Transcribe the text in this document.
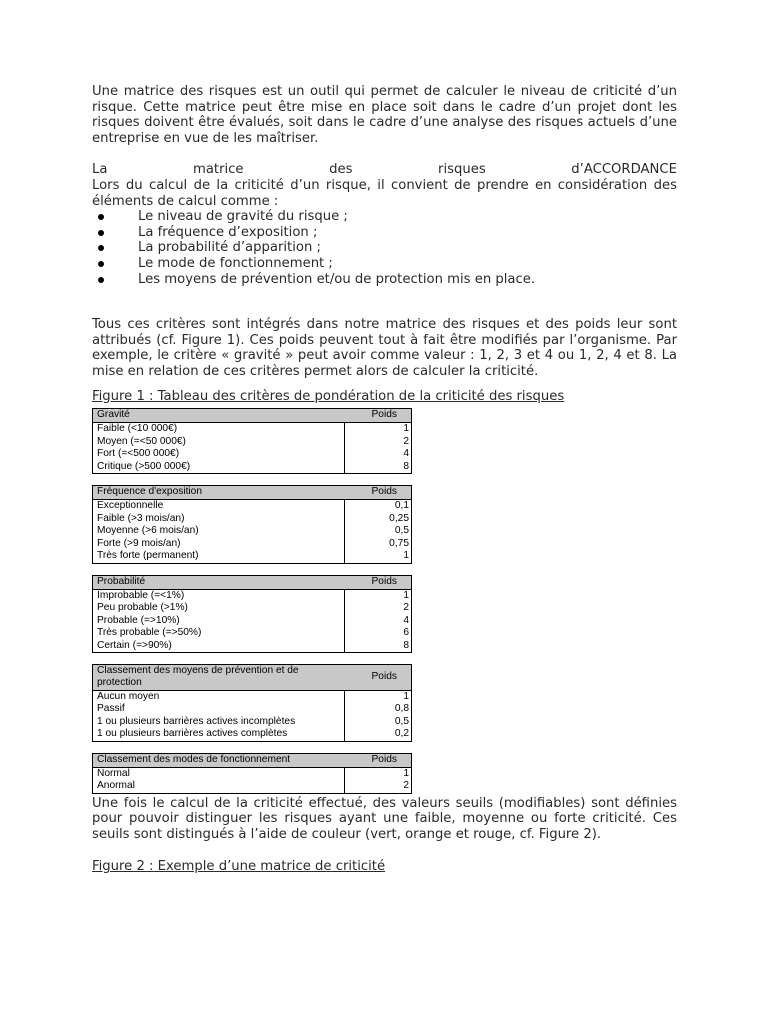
Une matrice des risques est un outil qui permet de calculer le niveau de criticité d’un risque. Cette matrice peut être mise en place soit dans le cadre d’un projet dont les risques doivent être évalués, soit dans le cadre d’une analyse des risques actuels d’une entreprise en vue de les maîtriser.

La	matrice	des	risques	d’ACCORDANCE

Lors du calcul de la criticité d’un risque, il convient de prendre en considération des éléments de calcul comme :

Le niveau de gravité du risque ;
La fréquence d’exposition ;
La probabilité d’apparition ;
Le mode de fonctionnement ;
Les moyens de prévention et/ou de protection mis en place.

Tous ces critères sont intégrés dans notre matrice des risques et des poids leur sont attribués (cf. Figure 1). Ces poids peuvent tout à fait être modifiés par l’organisme. Par exemple, le critère « gravité » peut avoir comme valeur : 1, 2, 3 et 4 ou 1, 2, 4 et 8. La mise en relation de ces critères permet alors de calculer la criticité.

Figure 1 : Tableau des critères de pondération de la criticité des risques
Gravité	Poids
Faible (<10 000€)	1
Moyen (=<50 000€)	2
Fort (=<500 000€)	4
Critique (>500 000€)	8
Fréquence d'exposition	Poids
Exceptionnelle	0,1
Faible (>3 mois/an)	0,25
Moyenne (>6 mois/an)	0,5
Forte (>9 mois/an)	0,75
Très forte (permanent)	1
Probabilité	Poids
Improbable (=<1%)	1
Peu probable (>1%)	2
Probable (=>10%)	4
Très probable (=>50%)	6
Certain (=>90%)	8
Classement des moyens de prévention et de protection	Poids
Aucun moyen	1
Passif	0,8
1 ou plusieurs barrières actives incomplètes	0,5
1 ou plusieurs barrières actives complètes	0,2
Classement des modes de fonctionnement	Poids
Normal	1
Anormal	2

Une fois le calcul de la criticité effectué, des valeurs seuils (modifiables) sont définies pour pouvoir distinguer les risques ayant une faible, moyenne ou forte criticité. Ces seuils sont distingués à l’aide de couleur (vert, orange et rouge, cf. Figure 2).

Figure 2 : Exemple d’une matrice de criticité
